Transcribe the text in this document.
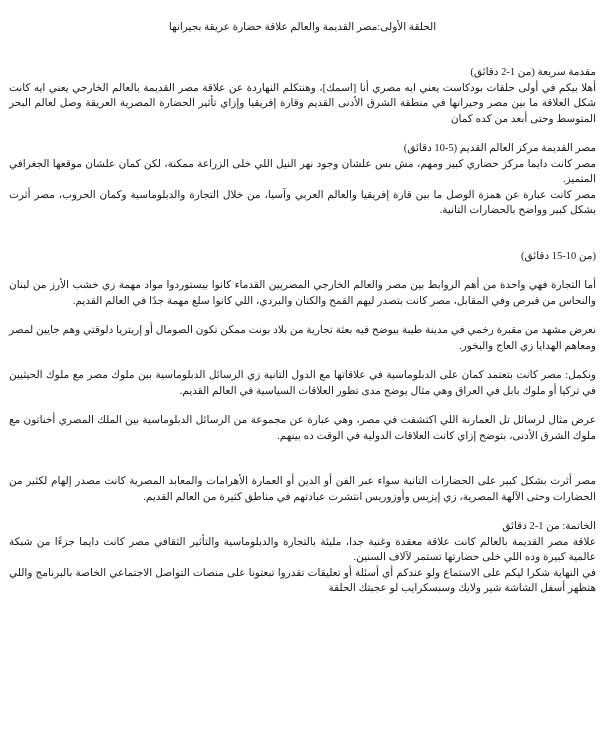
الحلقة الأولى:مصر القديمة والعالم علاقة حضارة عريقة بجيرانها
مقدمة سريعة (من 1-2 دقائق)
أهلا بيكم في أولى حلقات بودكاست يعني ايه مصري أنا [اسمك]، وهنتكلم النهاردة عن علاقة مصر القديمة بالعالم الخارجي يعني ايه كانت شكل العلاقة ما بين مصر وجيرانها في منطقة الشرق الأدنى القديم وقارة إفريقيا وإزاي تأثير الحضارة المصرية العريقة وصل لعالم البحر المتوسط وحتى أبعد من كده كمان
مصر القديمة مركز العالم القديم (5-10 دقائق)
مصر كانت دايما مركز حضاري كبير ومهم، مش بس علشان وجود نهر النيل اللي خلى الزراعة ممكنة، لكن كمان علشان موقعها الجغرافي المتميز.
مصر كانت عبارة عن همزة الوصل ما بين قارة إفريقيا والعالم العربي وآسيا، من خلال التجارة والدبلوماسية وكمان الحروب، مصر أثرت بشكل كبير وواضح بالحضارات التانية.
(من 10-15 دقائق)
أما التجارة فهي واحدة من أهم الروابط بين مصر والعالم الخارجي المصريين القدماء كانوا بيستوردوا مواد مهمة زي خشب الأرز من لبنان والنحاس من قبرص وفي المقابل، مصر كانت بتصدر ليهم القمح والكتان والبردي، اللي كانوا سلع مهمة جدًا في العالم القديم.
نعرض مشهد من مقبرة رخمي في مدينة طيبة بيوضح فيه بعثة تجارية من بلاد بونت ممكن تكون الصومال أو إريتريا دلوقتي وهم جايين لمصر ومعاهم الهدايا زي العاج والبخور.
ونكمل: مصر كانت بتعتمد كمان على الدبلوماسية في علاقاتها مع الدول التانية زي الرسائل الدبلوماسية بين ملوك مصر مع ملوك الحيثيين في تركيا أو ملوك بابل في العراق وهي مثال يوضح مدى تطور العلاقات السياسية في العالم القديم.
عرض مثال لرسائل تل العمارنة اللي اكتشفت في مصر، وهي عبارة عن مجموعة من الرسائل الدبلوماسية بين الملك المصري أخناتون مع ملوك الشرق الأدنى، بتوضح إزاي كانت العلاقات الدولية في الوقت ده بينهم.
مصر أثرت بشكل كبير على الحضارات التانية سواء عبر الفن أو الدين أو العمارة الأهرامات والمعابد المصرية كانت مصدر إلهام لكثير من الحضارات وحتى الآلهة المصرية، زي إيزيس وأوزوريس انتشرت عبادتهم في مناطق كثيرة من العالم القديم.
الخاتمة: من 1-2 دقائق
علاقة مصر القديمة بالعالم كانت علاقة معقدة وغنية جدا، مليئة بالتجارة والدبلوماسية والتأثير الثقافي مصر كانت دايما جزءًا من شبكة عالمية كبيرة وده اللي خلى حضارتها تستمر لآلاف السنين.
في النهاية شكرا ليكم على الاستماع ولو عندكم أي أسئلة أو تعليقات تقدروا تبعتونا على منصات التواصل الاجتماعي الخاصة بالبرنامج واللي هتظهر أسفل الشاشة شير ولايك وسبسكرايب لو عجبتك الحلقة
